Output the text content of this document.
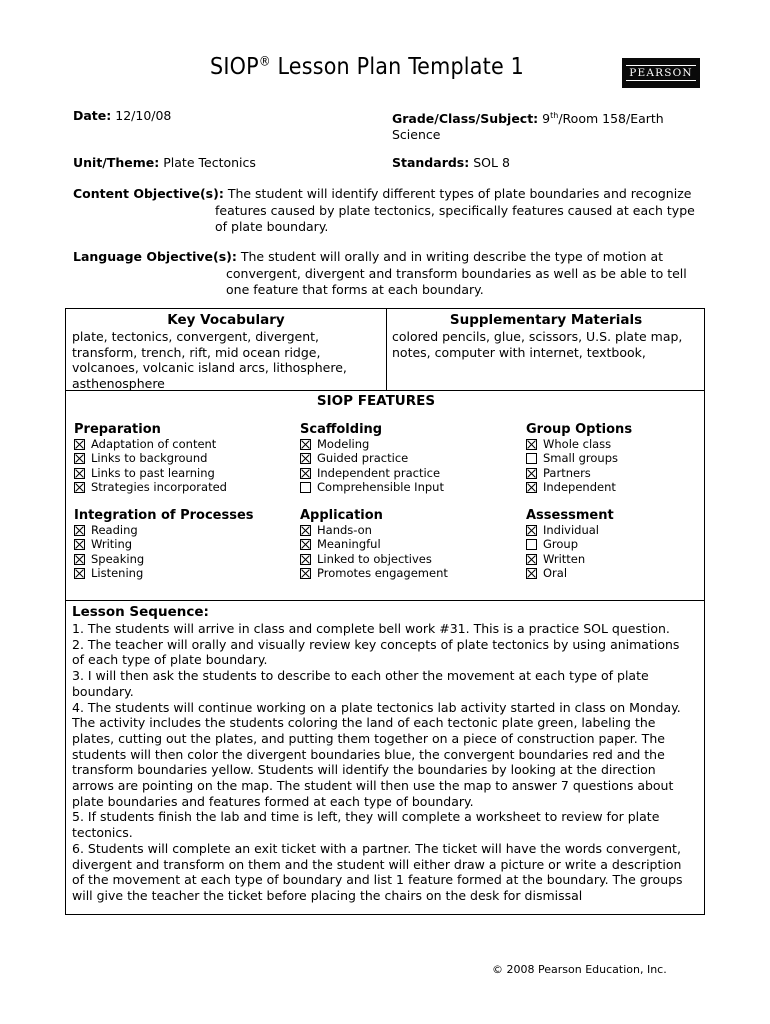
SIOP® Lesson Plan Template 1	PEARSON
Date: 12/10/08	Grade/Class/Subject: 9th/Room 158/Earth
Science
Unit/Theme: Plate Tectonics	Standards: SOL 8
Content Objective(s): The student will identify different types of plate boundaries and recognize
features caused by plate tectonics, specifically features caused at each type
of plate boundary.
Language Objective(s): The student will orally and in writing describe the type of motion at
convergent, divergent and transform boundaries as well as be able to tell
one feature that forms at each boundary.
Key Vocabulary
plate, tectonics, convergent, divergent,
transform, trench, rift, mid ocean ridge,
volcanoes, volcanic island arcs, lithosphere,
asthenosphere
Supplementary Materials
colored pencils, glue, scissors, U.S. plate map,
notes, computer with internet, textbook,
SIOP FEATURES
Preparation
Adaptation of content
Links to background
Links to past learning
Strategies incorporated
Scaffolding
Modeling
Guided practice
Independent practice
Comprehensible Input
Group Options
Whole class
Small groups
Partners
Independent
Integration of Processes
Reading
Writing
Speaking
Listening
Application
Hands-on
Meaningful
Linked to objectives
Promotes engagement
Assessment
Individual
Group
Written
Oral
Lesson Sequence:
1. The students will arrive in class and complete bell work #31. This is a practice SOL question.
2. The teacher will orally and visually review key concepts of plate tectonics by using animations
of each type of plate boundary.
3. I will then ask the students to describe to each other the movement at each type of plate
boundary.
4. The students will continue working on a plate tectonics lab activity started in class on Monday.
The activity includes the students coloring the land of each tectonic plate green, labeling the
plates, cutting out the plates, and putting them together on a piece of construction paper. The
students will then color the divergent boundaries blue, the convergent boundaries red and the
transform boundaries yellow. Students will identify the boundaries by looking at the direction
arrows are pointing on the map. The student will then use the map to answer 7 questions about
plate boundaries and features formed at each type of boundary.
5. If students finish the lab and time is left, they will complete a worksheet to review for plate
tectonics.
6. Students will complete an exit ticket with a partner. The ticket will have the words convergent,
divergent and transform on them and the student will either draw a picture or write a description
of the movement at each type of boundary and list 1 feature formed at the boundary. The groups
will give the teacher the ticket before placing the chairs on the desk for dismissal
© 2008 Pearson Education, Inc.
